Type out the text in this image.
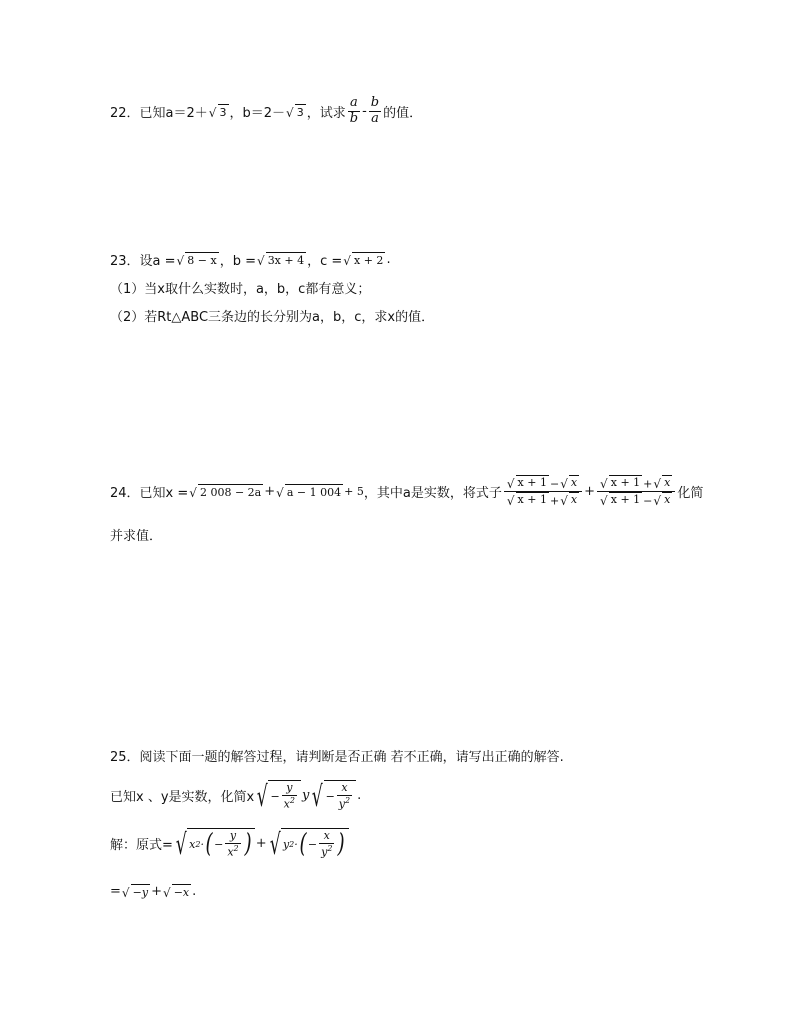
22．已知a＝2＋ √ 3 ，b＝2－ √ 3 ，试求 $\frac{a}{b} - \frac{b}{a}$ 的值．
23．设a = √ 8 − x ，b = √ 3x + 4 ，c = √ x + 2 .
（1）当x取什么实数时，a，b，c都有意义；
（2）若Rt△ABC三条边的长分别为a，b，c，求x的值．
24．已知x = √ 2 008 − 2a + √ a − 1 004 + 5 ，其中a是实数，将式子 $\frac{√ x + 1 - √ x}{√ x + 1 + √ x} + \frac{√ x + 1 + √ x}{√ x + 1 - √ x}$ 化简
并求值．
25．阅读下面一题的解答过程，请判断是否正确 若不正确，请写出正确的解答.
已知x 、y是实数，化简x √ − $\frac{y}{x^2}$ y √ − $\frac{x}{y^2}$ .
解：原式= √ x 2 · ( − $\frac{y}{x^2}$ ) + √ y 2 · ( − $\frac{x}{y^2}$ )
= √ −y + √ −x .
